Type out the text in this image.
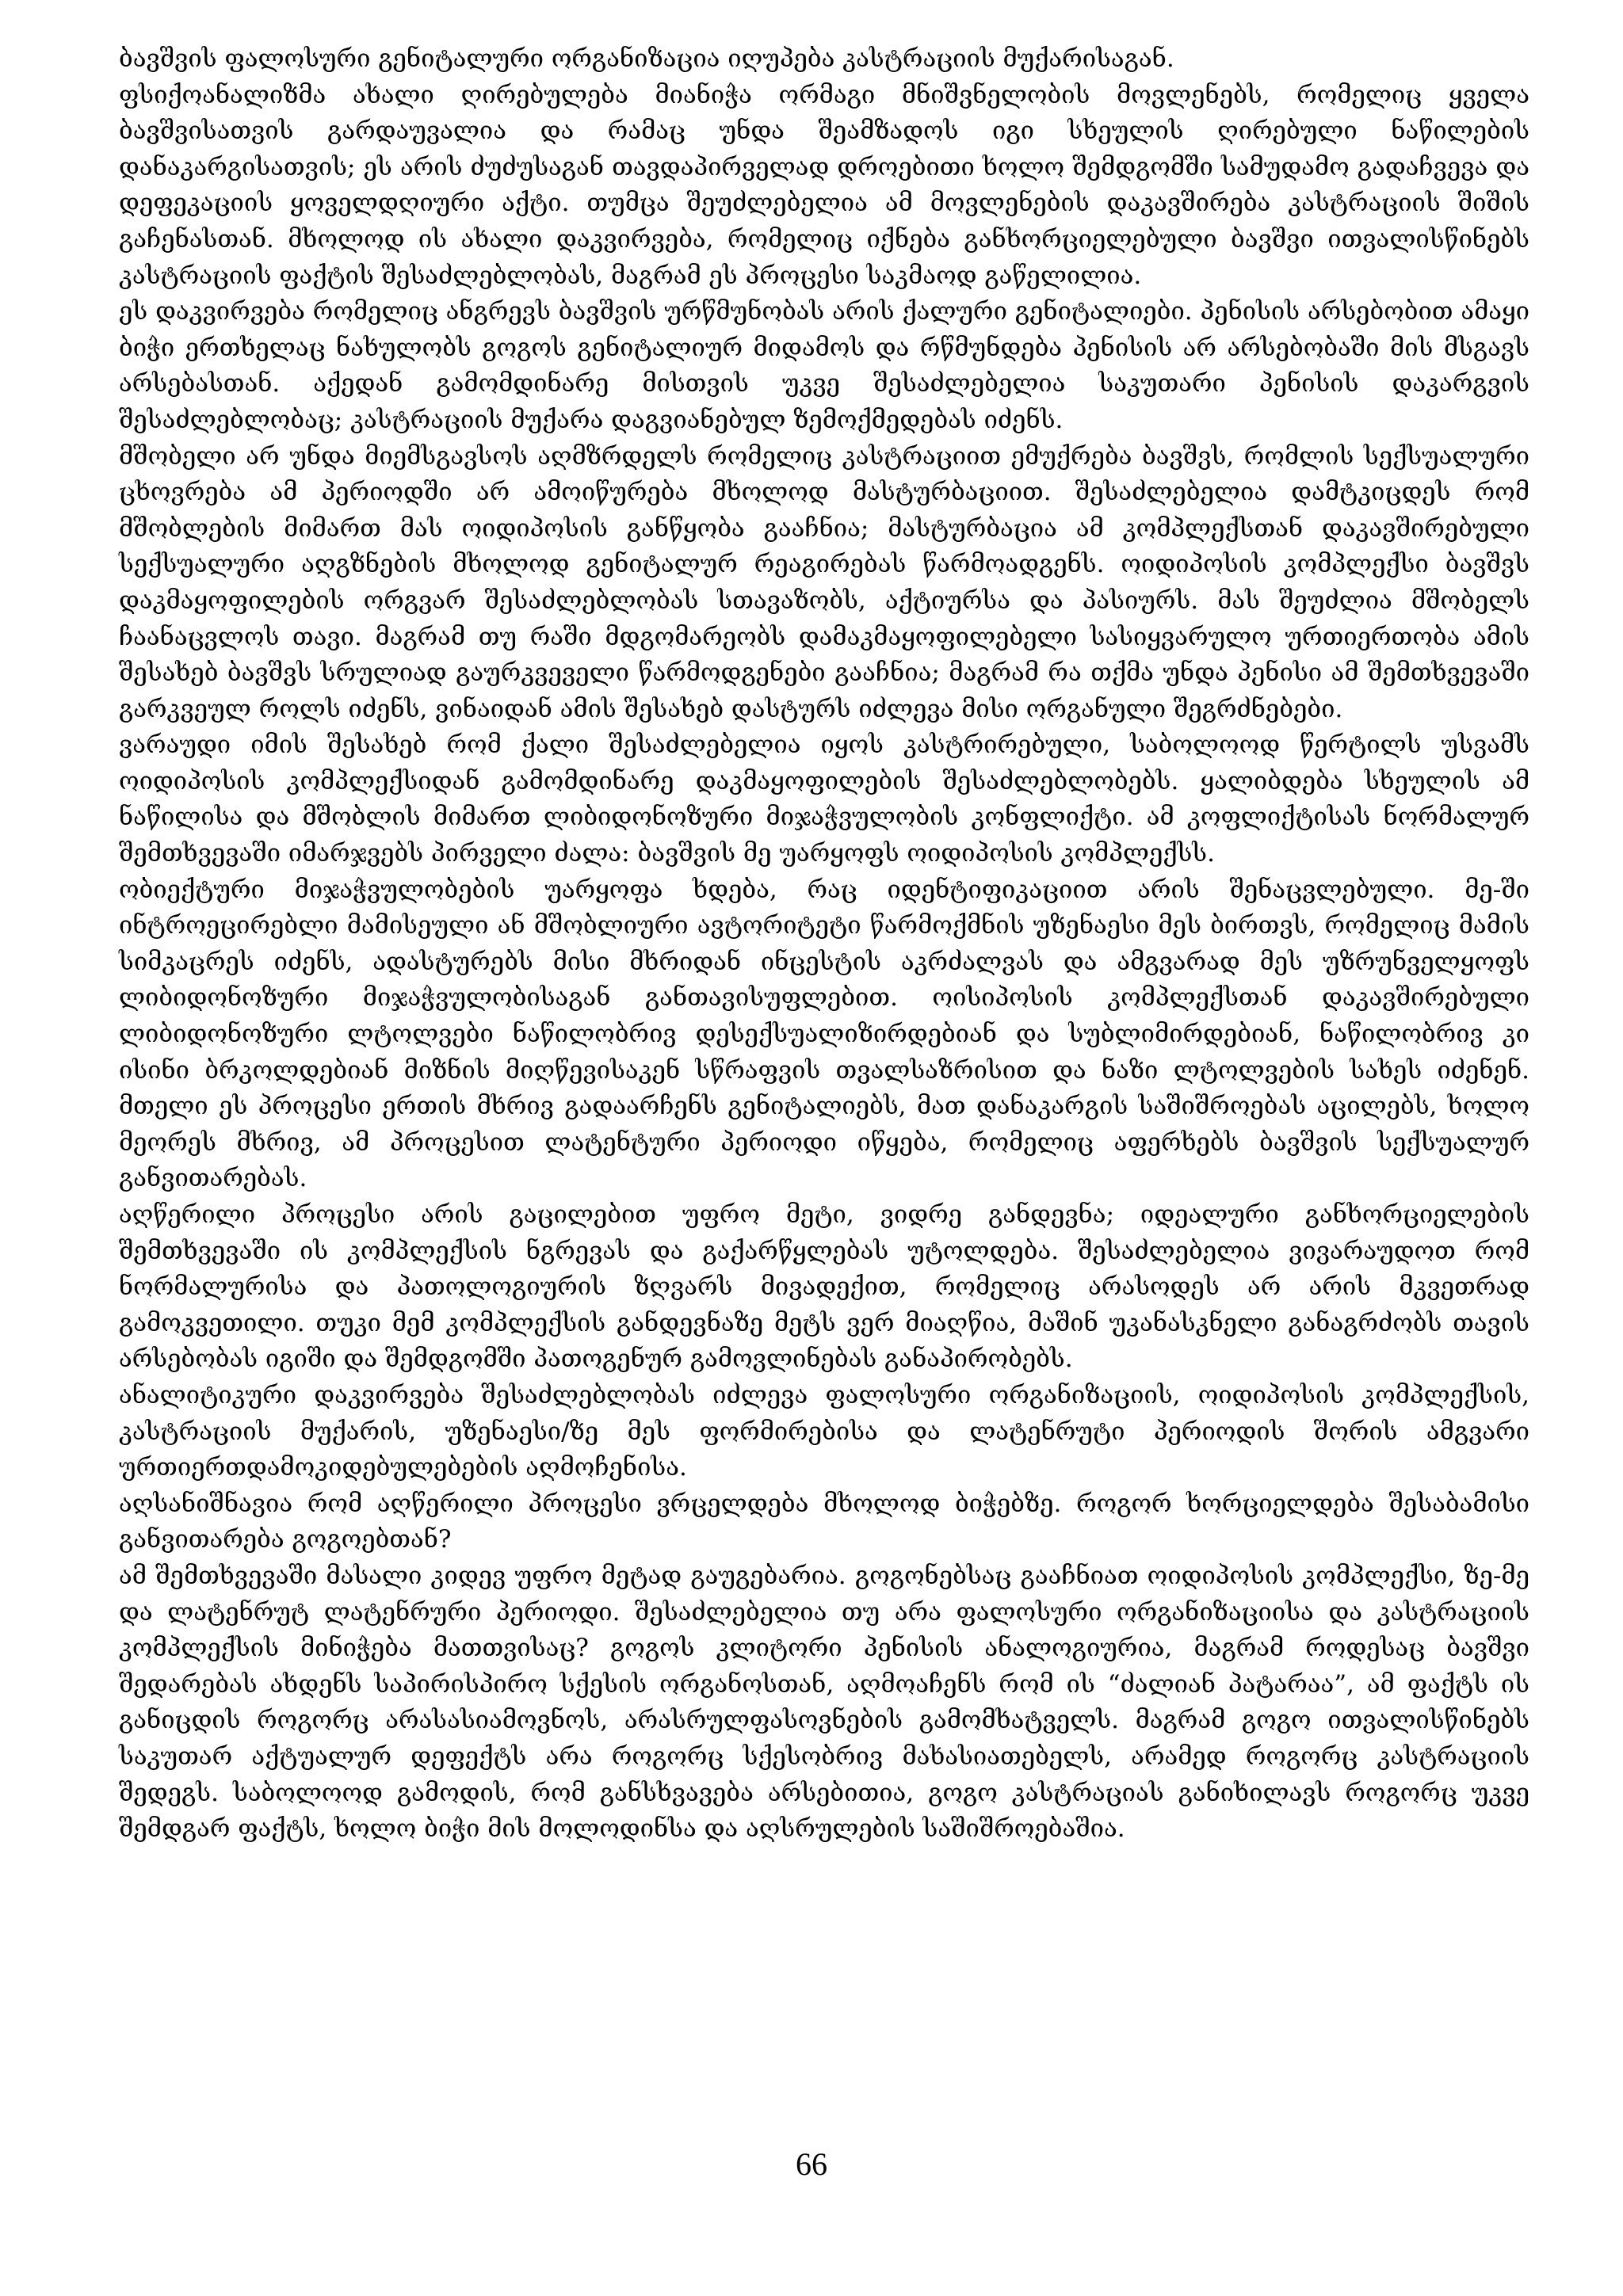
ბავშვის ფალოსური გენიტალური ორგანიზაცია იღუპება კასტრაციის მუქარისაგან.

ფსიქოანალიზმა ახალი ღირებულება მიანიჭა ორმაგი მნიშვნელობის მოვლენებს, რომელიც ყველა ბავშვისათვის გარდაუვალია და რამაც უნდა შეამზადოს იგი სხეულის ღირებული ნაწილების დანაკარგისათვის; ეს არის ძუძუსაგან თავდაპირველად დროებითი ხოლო შემდგომში სამუდამო გადაჩვევა და დეფეკაციის ყოველდღიური აქტი. თუმცა შეუძლებელია ამ მოვლენების დაკავშირება კასტრაციის შიშის გაჩენასთან. მხოლოდ ის ახალი დაკვირვება, რომელიც იქნება განხორციელებული ბავშვი ითვალისწინებს კასტრაციის ფაქტის შესაძლებლობას, მაგრამ ეს პროცესი საკმაოდ გაწელილია.

ეს დაკვირვება რომელიც ანგრევს ბავშვის ურწმუნობას არის ქალური გენიტალიები. პენისის არსებობით ამაყი ბიჭი ერთხელაც ნახულობს გოგოს გენიტალიურ მიდამოს და რწმუნდება პენისის არ არსებობაში მის მსგავს არსებასთან. აქედან გამომდინარე მისთვის უკვე შესაძლებელია საკუთარი პენისის დაკარგვის შესაძლებლობაც; კასტრაციის მუქარა დაგვიანებულ ზემოქმედებას იძენს.

მშობელი არ უნდა მიემსგავსოს აღმზრდელს რომელიც კასტრაციით ემუქრება ბავშვს, რომლის სექსუალური ცხოვრება ამ პერიოდში არ ამოიწურება მხოლოდ მასტურბაციით. შესაძლებელია დამტკიცდეს რომ მშობლების მიმართ მას ოიდიპოსის განწყობა გააჩნია; მასტურბაცია ამ კომპლექსთან დაკავშირებული სექსუალური აღგზნების მხოლოდ გენიტალურ რეაგირებას წარმოადგენს. ოიდიპოსის კომპლექსი ბავშვს დაკმაყოფილების ორგვარ შესაძლებლობას სთავაზობს, აქტიურსა და პასიურს. მას შეუძლია მშობელს ჩაანაცვლოს თავი. მაგრამ თუ რაში მდგომარეობს დამაკმაყოფილებელი სასიყვარულო ურთიერთობა ამის შესახებ ბავშვს სრულიად გაურკვეველი წარმოდგენები გააჩნია; მაგრამ რა თქმა უნდა პენისი ამ შემთხვევაში გარკვეულ როლს იძენს, ვინაიდან ამის შესახებ დასტურს იძლევა მისი ორგანული შეგრძნებები.

ვარაუდი იმის შესახებ რომ ქალი შესაძლებელია იყოს კასტრირებული, საბოლოოდ წერტილს უსვამს ოიდიპოსის კომპლექსიდან გამომდინარე დაკმაყოფილების შესაძლებლობებს. ყალიბდება სხეულის ამ ნაწილისა და მშობლის მიმართ ლიბიდონოზური მიჯაჭვულობის კონფლიქტი. ამ კოფლიქტისას ნორმალურ შემთხვევაში იმარჯვებს პირველი ძალა: ბავშვის მე უარყოფს ოიდიპოსის კომპლექსს.

ობიექტური მიჯაჭვულობების უარყოფა ხდება, რაც იდენტიფიკაციით არის შენაცვლებული. მე-ში ინტროეცირებლი მამისეული ან მშობლიური ავტორიტეტი წარმოქმნის უზენაესი მეს ბირთვს, რომელიც მამის სიმკაცრეს იძენს, ადასტურებს მისი მხრიდან ინცესტის აკრძალვას და ამგვარად მეს უზრუნველყოფს ლიბიდონოზური მიჯაჭვულობისაგან განთავისუფლებით. ოისიპოსის კომპლექსთან დაკავშირებული ლიბიდონოზური ლტოლვები ნაწილობრივ დესექსუალიზირდებიან და სუბლიმირდებიან, ნაწილობრივ კი ისინი ბრკოლდებიან მიზნის მიღწევისაკენ სწრაფვის თვალსაზრისით და ნაზი ლტოლვების სახეს იძენენ. მთელი ეს პროცესი ერთის მხრივ გადაარჩენს გენიტალიებს, მათ დანაკარგის საშიშროებას აცილებს, ხოლო მეორეს მხრივ, ამ პროცესით ლატენტური პერიოდი იწყება, რომელიც აფერხებს ბავშვის სექსუალურ განვითარებას.

აღწერილი პროცესი არის გაცილებით უფრო მეტი, ვიდრე განდევნა; იდეალური განხორციელების შემთხვევაში ის კომპლექსის ნგრევას და გაქარწყლებას უტოლდება. შესაძლებელია ვივარაუდოთ რომ ნორმალურისა და პათოლოგიურის ზღვარს მივადექით, რომელიც არასოდეს არ არის მკვეთრად გამოკვეთილი. თუკი მემ კომპლექსის განდევნაზე მეტს ვერ მიაღწია, მაშინ უკანასკნელი განაგრძობს თავის არსებობას იგიში და შემდგომში პათოგენურ გამოვლინებას განაპირობებს.

ანალიტიკური დაკვირვება შესაძლებლობას იძლევა ფალოსური ორგანიზაციის, ოიდიპოსის კომპლექსის, კასტრაციის მუქარის, უზენაესი/ზე მეს ფორმირებისა და ლატენრუტი პერიოდის შორის ამგვარი ურთიერთდამოკიდებულებების აღმოჩენისა.

აღსანიშნავია რომ აღწერილი პროცესი ვრცელდება მხოლოდ ბიჭებზე. როგორ ხორციელდება შესაბამისი განვითარება გოგოებთან?

ამ შემთხვევაში მასალი კიდევ უფრო მეტად გაუგებარია. გოგონებსაც გააჩნიათ ოიდიპოსის კომპლექსი, ზე-მე და ლატენრუტ ლატენრური პერიოდი. შესაძლებელია თუ არა ფალოსური ორგანიზაციისა და კასტრაციის კომპლექსის მინიჭება მათთვისაც? გოგოს კლიტორი პენისის ანალოგიურია, მაგრამ როდესაც ბავშვი შედარებას ახდენს საპირისპირო სქესის ორგანოსთან, აღმოაჩენს რომ ის “ძალიან პატარაა”, ამ ფაქტს ის განიცდის როგორც არასასიამოვნოს, არასრულფასოვნების გამომხატველს. მაგრამ გოგო ითვალისწინებს საკუთარ აქტუალურ დეფექტს არა როგორც სქესობრივ მახასიათებელს, არამედ როგორც კასტრაციის შედეგს. საბოლოოდ გამოდის, რომ განსხვავება არსებითია, გოგო კასტრაციას განიხილავს როგორც უკვე შემდგარ ფაქტს, ხოლო ბიჭი მის მოლოდინსა და აღსრულების საშიშროებაშია.

66
